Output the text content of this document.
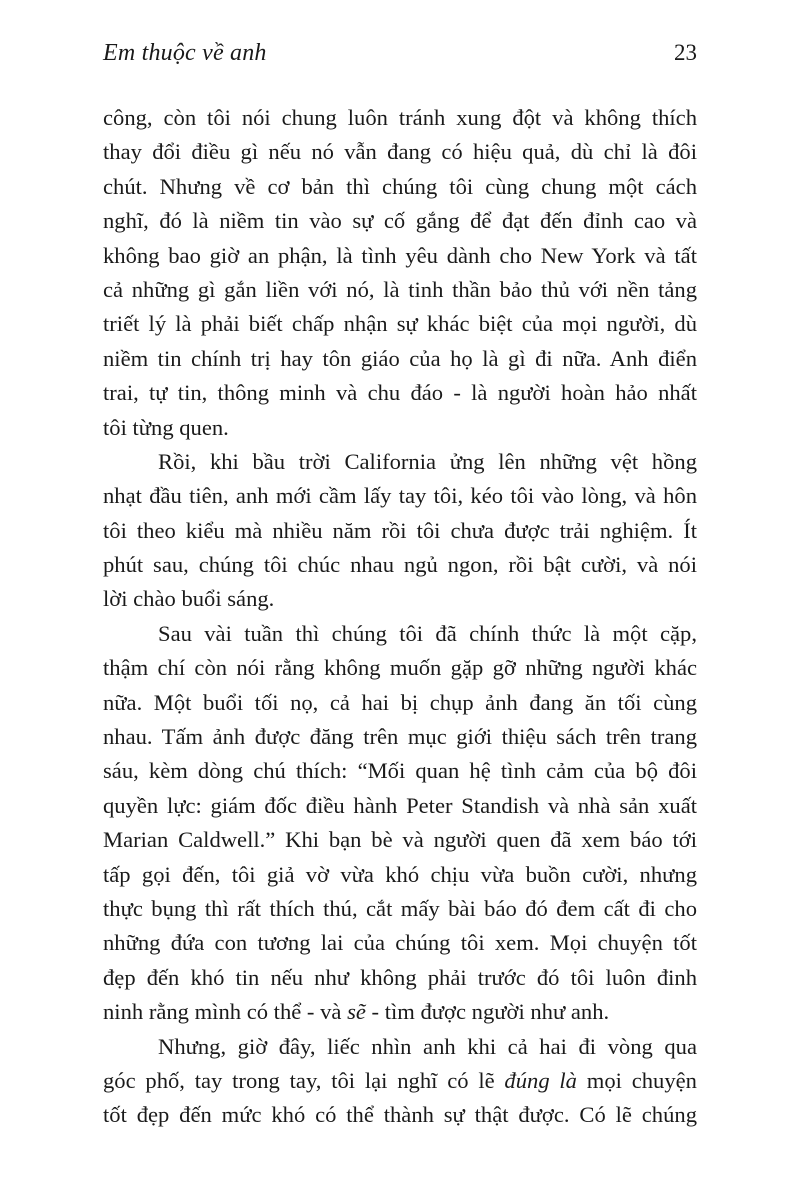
Em thuộc về anh	23
công, còn tôi nói chung luôn tránh xung đột và không thích
thay đổi điều gì nếu nó vẫn đang có hiệu quả, dù chỉ là đôi
chút. Nhưng về cơ bản thì chúng tôi cùng chung một cách
nghĩ, đó là niềm tin vào sự cố gắng để đạt đến đỉnh cao và
không bao giờ an phận, là tình yêu dành cho New York và tất
cả những gì gắn liền với nó, là tinh thần bảo thủ với nền tảng
triết lý là phải biết chấp nhận sự khác biệt của mọi người, dù
niềm tin chính trị hay tôn giáo của họ là gì đi nữa. Anh điển
trai, tự tin, thông minh và chu đáo - là người hoàn hảo nhất
tôi từng quen.
Rồi, khi bầu trời California ửng lên những vệt hồng
nhạt đầu tiên, anh mới cầm lấy tay tôi, kéo tôi vào lòng, và hôn
tôi theo kiểu mà nhiều năm rồi tôi chưa được trải nghiệm. Ít
phút sau, chúng tôi chúc nhau ngủ ngon, rồi bật cười, và nói
lời chào buổi sáng.
Sau vài tuần thì chúng tôi đã chính thức là một cặp,
thậm chí còn nói rằng không muốn gặp gỡ những người khác
nữa. Một buổi tối nọ, cả hai bị chụp ảnh đang ăn tối cùng
nhau. Tấm ảnh được đăng trên mục giới thiệu sách trên trang
sáu, kèm dòng chú thích: “Mối quan hệ tình cảm của bộ đôi
quyền lực: giám đốc điều hành Peter Standish và nhà sản xuất
Marian Caldwell.” Khi bạn bè và người quen đã xem báo tới
tấp gọi đến, tôi giả vờ vừa khó chịu vừa buồn cười, nhưng
thực bụng thì rất thích thú, cắt mấy bài báo đó đem cất đi cho
những đứa con tương lai của chúng tôi xem. Mọi chuyện tốt
đẹp đến khó tin nếu như không phải trước đó tôi luôn đinh
ninh rằng mình có thể - và sẽ - tìm được người như anh.
Nhưng, giờ đây, liếc nhìn anh khi cả hai đi vòng qua
góc phố, tay trong tay, tôi lại nghĩ có lẽ đúng là mọi chuyện
tốt đẹp đến mức khó có thể thành sự thật được. Có lẽ chúng
